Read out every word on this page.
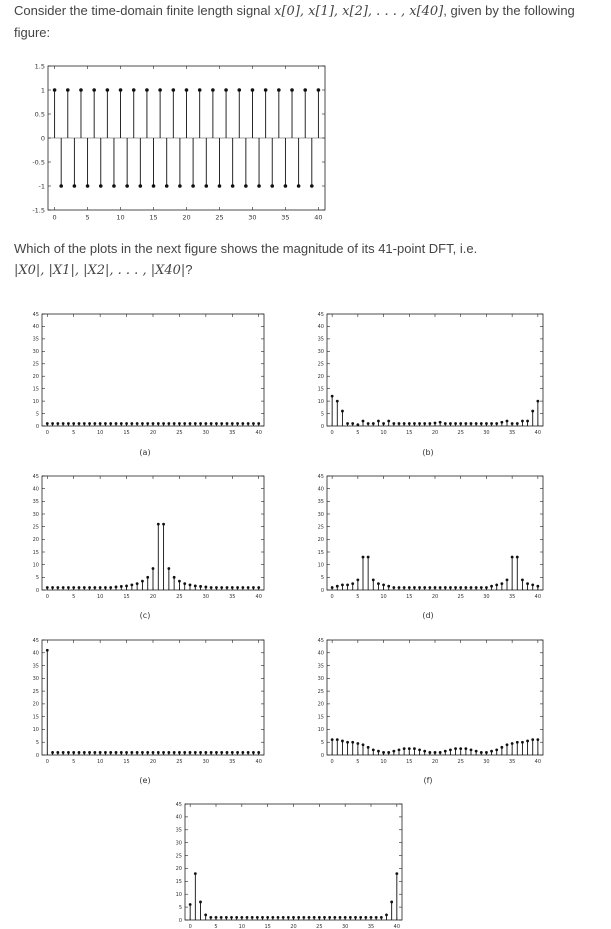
Consider the time-domain finite length signal x[0], x[1], x[2], . . . , x[40], given by the following
figure:
Which of the plots in the next figure shows the magnitude of its 41-point DFT, i.e.
|X0|, |X1|, |X2|, . . . , |X40|?
0	5	10	15	20	25	30	35	40
-1.5
-1
-0.5
0
0.5
1
1.5
0	5	10	15	20	25	30	35	40
0
5
10
15
20
25
30
35
40
45
(a)
0	5	10	15	20	25	30	35	40
0
5
10
15
20
25
30
35
40
45
(b)
0	5	10	15	20	25	30	35	40
0
5
10
15
20
25
30
35
40
45
(c)
0	5	10	15	20	25	30	35	40
0
5
10
15
20
25
30
35
40
45
(d)
0	5	10	15	20	25	30	35	40
0
5
10
15
20
25
30
35
40
45
(e)
0	5	10	15	20	25	30	35	40
0
5
10
15
20
25
30
35
40
45
(f)
0	5	10	15	20	25	30	35	40
0
5
10
15
20
25
30
35
40
45
